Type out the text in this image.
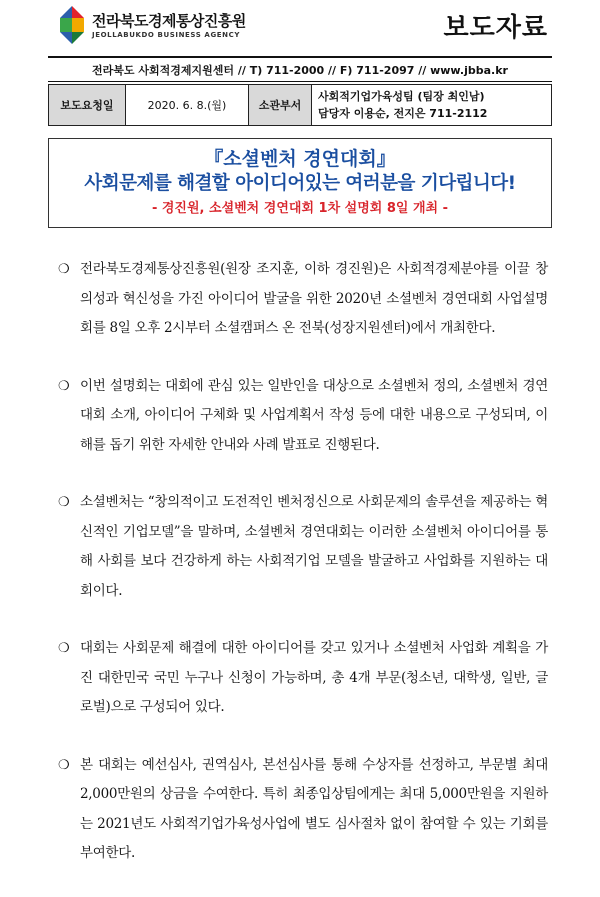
전라북도경제통상진흥원
JEOLLABUKDO BUSINESS AGENCY	보도자료
전라북도 사회적경제지원센터 // T) 711-2000 // F) 711-2097 // www.jbba.kr
보도요청일	2020. 6. 8.(월)	소관부서	
사회적기업가육성팀 (팀장 최인남)
담당자 이용순, 전지은 711-2112
『소셜벤처 경연대회』
사회문제를 해결할 아이디어있는 여러분을 기다립니다!
- 경진원, 소셜벤처 경연대회 1차 설명회 8일 개최 -
❍ 전라북도경제통상진흥원(원장 조지훈, 이하 경진원)은 사회적경제분야를 이끌 창의성과 혁신성을 가진 아이디어 발굴을 위한 2020년 소셜벤처 경연대회 사업설명회를 8일 오후 2시부터 소셜캠퍼스 온 전북(성장지원센터)에서 개최한다.
❍ 이번 설명회는 대회에 관심 있는 일반인을 대상으로 소셜벤처 정의, 소셜벤처 경연대회 소개, 아이디어 구체화 및 사업계획서 작성 등에 대한 내용으로 구성되며, 이해를 돕기 위한 자세한 안내와 사례 발표로 진행된다.
❍ 소셜벤처는 “창의적이고 도전적인 벤처정신으로 사회문제의 솔루션을 제공하는 혁신적인 기업모델”을 말하며, 소셜벤처 경연대회는 이러한 소셜벤처 아이디어를 통해 사회를 보다 건강하게 하는 사회적기업 모델을 발굴하고 사업화를 지원하는 대회이다.
❍ 대회는 사회문제 해결에 대한 아이디어를 갖고 있거나 소셜벤처 사업화 계획을 가진 대한민국 국민 누구나 신청이 가능하며, 총 4개 부문(청소년, 대학생, 일반, 글로벌)으로 구성되어 있다.
❍ 본 대회는 예선심사, 권역심사, 본선심사를 통해 수상자를 선정하고, 부문별 최대 2,000만원의 상금을 수여한다. 특히 최종입상팀에게는 최대 5,000만원을 지원하는 2021년도 사회적기업가육성사업에 별도 심사절차 없이 참여할 수 있는 기회를 부여한다.
